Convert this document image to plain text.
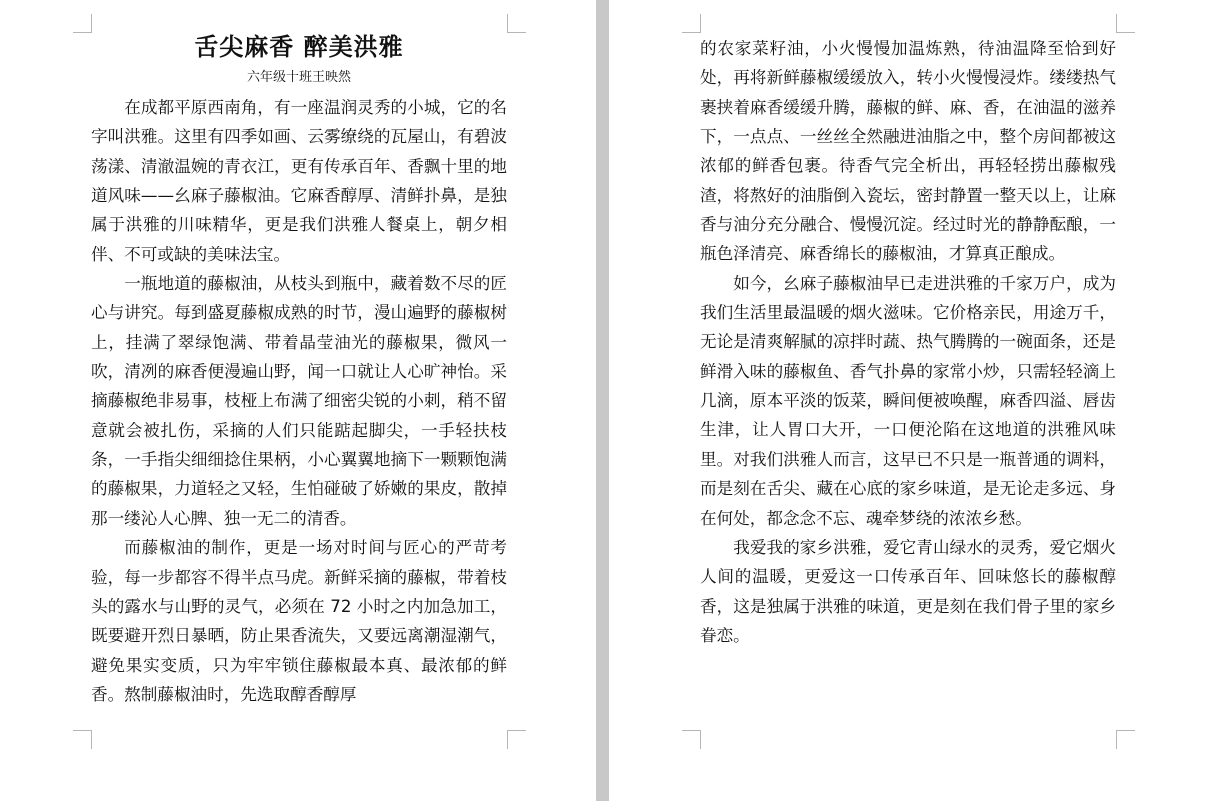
舌尖麻香 醉美洪雅
六年级十班王映然

在成都平原西南角，有一座温润灵秀的小城，它的名字叫洪雅。这里有四季如画、云雾缭绕的瓦屋山，有碧波荡漾、清澈温婉的青衣江，更有传承百年、香飘十里的地道风味——幺麻子藤椒油。它麻香醇厚、清鲜扑鼻，是独属于洪雅的川味精华，更是我们洪雅人餐桌上，朝夕相伴、不可或缺的美味法宝。

一瓶地道的藤椒油，从枝头到瓶中，藏着数不尽的匠心与讲究。每到盛夏藤椒成熟的时节，漫山遍野的藤椒树上，挂满了翠绿饱满、带着晶莹油光的藤椒果，微风一吹，清冽的麻香便漫遍山野，闻一口就让人心旷神怡。采摘藤椒绝非易事，枝桠上布满了细密尖锐的小刺，稍不留意就会被扎伤，采摘的人们只能踮起脚尖，一手轻扶枝条，一手指尖细细捻住果柄，小心翼翼地摘下一颗颗饱满的藤椒果，力道轻之又轻，生怕碰破了娇嫩的果皮，散掉那一缕沁人心脾、独一无二的清香。

而藤椒油的制作，更是一场对时间与匠心的严苛考验，每一步都容不得半点马虎。新鲜采摘的藤椒，带着枝头的露水与山野的灵气，必须在 72 小时之内加急加工，既要避开烈日暴晒，防止果香流失，又要远离潮湿潮气，避免果实变质，只为牢牢锁住藤椒最本真、最浓郁的鲜香。熬制藤椒油时，先选取醇香醇厚

的农家菜籽油，小火慢慢加温炼熟，待油温降至恰到好处，再将新鲜藤椒缓缓放入，转小火慢慢浸炸。缕缕热气裹挟着麻香缓缓升腾，藤椒的鲜、麻、香，在油温的滋养下，一点点、一丝丝全然融进油脂之中，整个房间都被这浓郁的鲜香包裹。待香气完全析出，再轻轻捞出藤椒残渣，将熬好的油脂倒入瓷坛，密封静置一整天以上，让麻香与油分充分融合、慢慢沉淀。经过时光的静静酝酿，一瓶色泽清亮、麻香绵长的藤椒油，才算真正酿成。

如今，幺麻子藤椒油早已走进洪雅的千家万户，成为我们生活里最温暖的烟火滋味。它价格亲民，用途万千，无论是清爽解腻的凉拌时蔬、热气腾腾的一碗面条，还是鲜滑入味的藤椒鱼、香气扑鼻的家常小炒，只需轻轻滴上几滴，原本平淡的饭菜，瞬间便被唤醒，麻香四溢、唇齿生津，让人胃口大开，一口便沦陷在这地道的洪雅风味里。对我们洪雅人而言，这早已不只是一瓶普通的调料，而是刻在舌尖、藏在心底的家乡味道，是无论走多远、身在何处，都念念不忘、魂牵梦绕的浓浓乡愁。

我爱我的家乡洪雅，爱它青山绿水的灵秀，爱它烟火人间的温暖，更爱这一口传承百年、回味悠长的藤椒醇香，这是独属于洪雅的味道，更是刻在我们骨子里的家乡眷恋。
